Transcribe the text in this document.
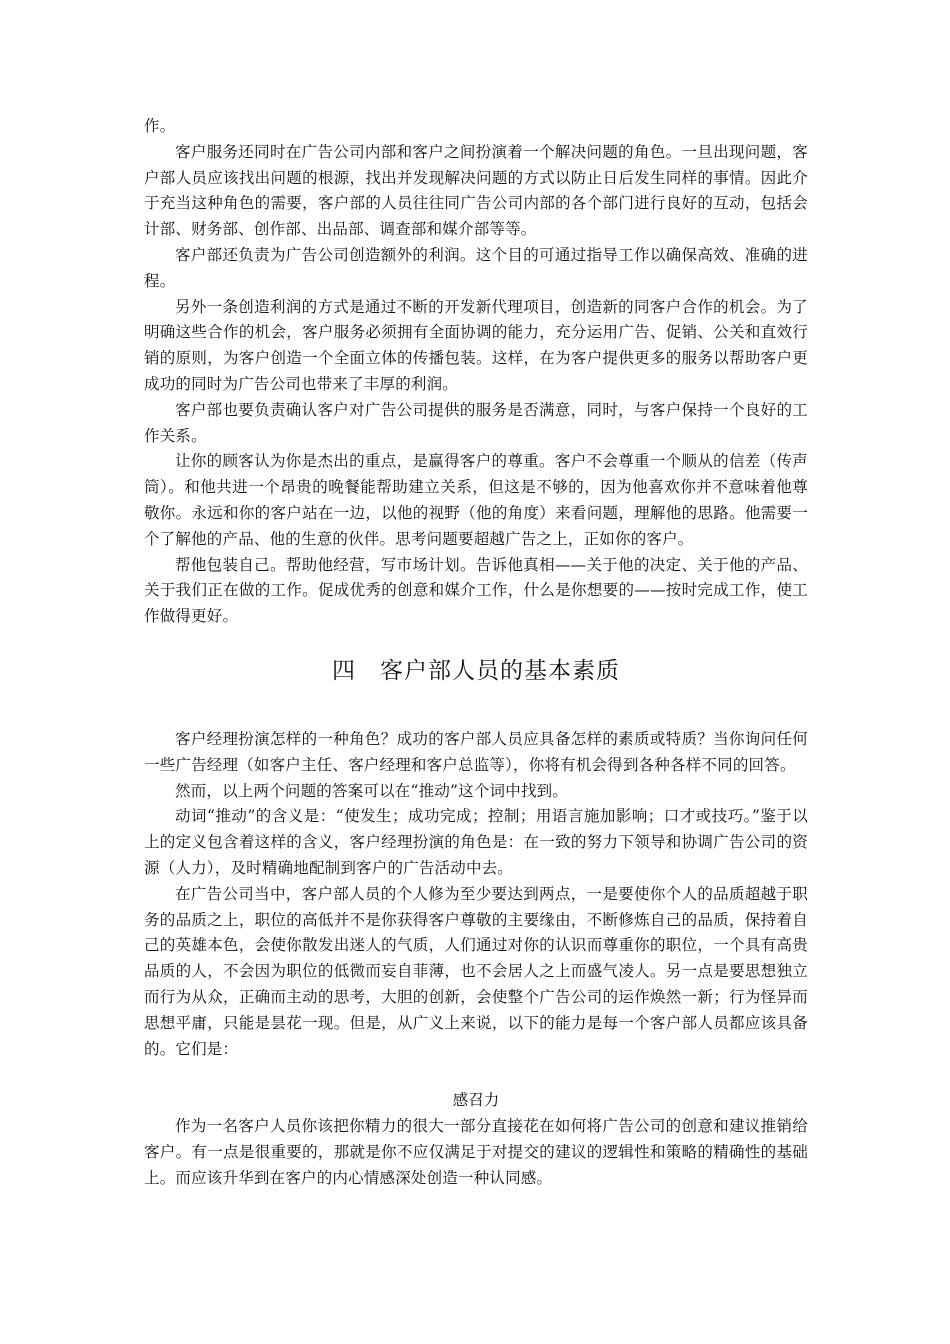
作。

客户服务还同时在广告公司内部和客户之间扮演着一个解决问题的角色。一旦出现问题，客户部人员应该找出问题的根源，找出并发现解决问题的方式以防止日后发生同样的事情。因此介于充当这种角色的需要，客户部的人员往往同广告公司内部的各个部门进行良好的互动，包括会计部、财务部、创作部、出品部、调查部和媒介部等等。

客户部还负责为广告公司创造额外的利润。这个目的可通过指导工作以确保高效、准确的进程。

另外一条创造利润的方式是通过不断的开发新代理项目，创造新的同客户合作的机会。为了明确这些合作的机会，客户服务必须拥有全面协调的能力，充分运用广告、促销、公关和直效行销的原则，为客户创造一个全面立体的传播包装。这样，在为客户提供更多的服务以帮助客户更成功的同时为广告公司也带来了丰厚的利润。

客户部也要负责确认客户对广告公司提供的服务是否满意，同时，与客户保持一个良好的工作关系。

让你的顾客认为你是杰出的重点，是赢得客户的尊重。客户不会尊重一个顺从的信差（传声筒）。和他共进一个昂贵的晚餐能帮助建立关系，但这是不够的，因为他喜欢你并不意味着他尊敬你。永远和你的客户站在一边，以他的视野（他的角度）来看问题，理解他的思路。他需要一个了解他的产品、他的生意的伙伴。思考问题要超越广告之上，正如你的客户。

帮他包装自己。帮助他经营，写市场计划。告诉他真相——关于他的决定、关于他的产品、关于我们正在做的工作。促成优秀的创意和媒介工作，什么是你想要的——按时完成工作，使工作做得更好。

四　客户部人员的基本素质

客户经理扮演怎样的一种角色？成功的客户部人员应具备怎样的素质或特质？当你询问任何一些广告经理（如客户主任、客户经理和客户总监等），你将有机会得到各种各样不同的回答。

然而，以上两个问题的答案可以在“推动”这个词中找到。

动词“推动”的含义是：“使发生；成功完成；控制；用语言施加影响；口才或技巧。”鉴于以上的定义包含着这样的含义，客户经理扮演的角色是：在一致的努力下领导和协调广告公司的资源（人力），及时精确地配制到客户的广告活动中去。

在广告公司当中，客户部人员的个人修为至少要达到两点，一是要使你个人的品质超越于职务的品质之上，职位的高低并不是你获得客户尊敬的主要缘由，不断修炼自己的品质，保持着自己的英雄本色，会使你散发出迷人的气质，人们通过对你的认识而尊重你的职位，一个具有高贵品质的人，不会因为职位的低微而妄自菲薄，也不会居人之上而盛气凌人。另一点是要思想独立而行为从众，正确而主动的思考，大胆的创新，会使整个广告公司的运作焕然一新；行为怪异而思想平庸，只能是昙花一现。但是，从广义上来说，以下的能力是每一个客户部人员都应该具备的。它们是：

感召力

作为一名客户人员你该把你精力的很大一部分直接花在如何将广告公司的创意和建议推销给客户。有一点是很重要的，那就是你不应仅满足于对提交的建议的逻辑性和策略的精确性的基础上。而应该升华到在客户的内心情感深处创造一种认同感。
